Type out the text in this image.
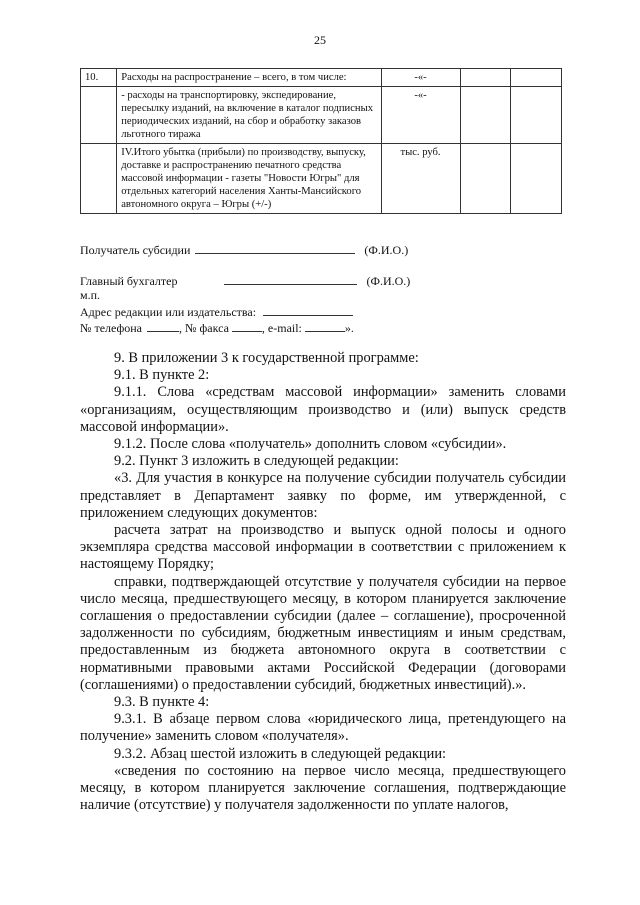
25
10.	Расходы на распространение – всего, в том числе:	-«-		
	- расходы на транспортировку, экспедирование, пересылку изданий, на включение в каталог подписных периодических изданий, на сбор и обработку заказов льготного тиража	-«-		
	IV.Итого убытка (прибыли) по производству, выпуску, доставке и распространению печатного средства массовой информации - газеты "Новости Югры" для отдельных категорий населения Ханты-Мансийского автономного округа – Югры (+/-)	тыс. руб.		
Получатель субсидии	(Ф.И.О.)
Главный бухгалтер	(Ф.И.О.)
м.п.
Адрес редакции или издательства:
№ телефона	, № факса	, e-mail:	».

9. В приложении 3 к государственной программе:

9.1. В пункте 2:

9.1.1. Слова «средствам массовой информации» заменить словами «организациям, осуществляющим производство и (или) выпуск средств массовой информации».

9.1.2. После слова «получатель» дополнить словом «субсидии».

9.2. Пункт 3 изложить в следующей редакции:

«3. Для участия в конкурсе на получение субсидии получатель субсидии представляет в Департамент заявку по форме, им утвержденной, с приложением следующих документов:

расчета затрат на производство и выпуск одной полосы и одного экземпляра средства массовой информации в соответствии с приложением к настоящему Порядку;

справки, подтверждающей отсутствие у получателя субсидии на первое число месяца, предшествующего месяцу, в котором планируется заключение соглашения о предоставлении субсидии (далее – соглашение), просроченной задолженности по субсидиям, бюджетным инвестициям и иным средствам, предоставленным из бюджета автономного округа в соответствии с нормативными правовыми актами Российской Федерации (договорами (соглашениями) о предоставлении субсидий, бюджетных инвестиций).».

9.3. В пункте 4:

9.3.1. В абзаце первом слова «юридического лица, претендующего на получение» заменить словом «получателя».

9.3.2. Абзац шестой изложить в следующей редакции:

«сведения по состоянию на первое число месяца, предшествующего месяцу, в котором планируется заключение соглашения, подтверждающие наличие (отсутствие) у получателя задолженности по уплате налогов,
